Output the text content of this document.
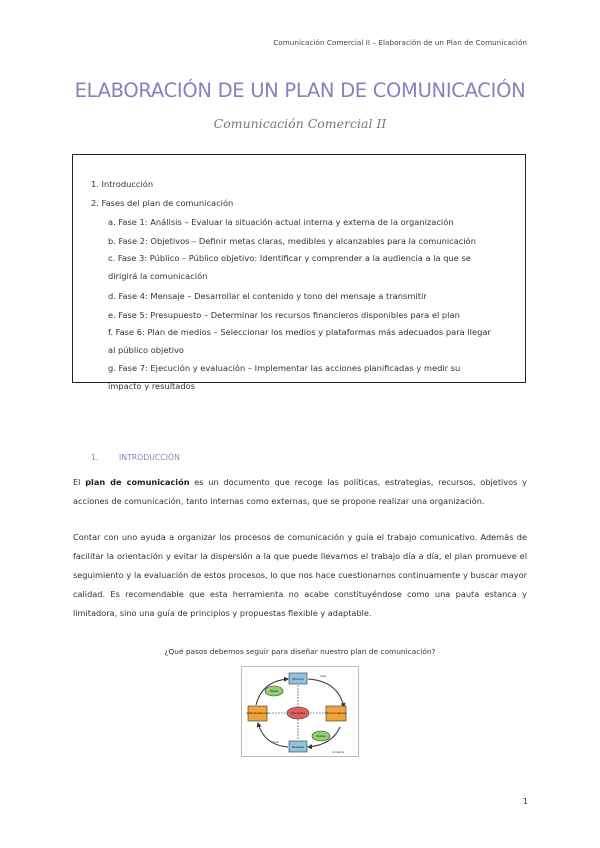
Comunicación Comercial II – Elaboración de un Plan de Comunicación
ELABORACIÓN DE UN PLAN DE COMUNICACIÓN
Comunicación Comercial II
1. Introducción
2. Fases del plan de comunicación
a. Fase 1: Análisis – Evaluar la situación actual interna y externa de la organización
b. Fase 2: Objetivos – Definir metas claras, medibles y alcanzables para la comunicación
c. Fase 3: Público – Público objetivo: Identificar y comprender a la audiencia a la que se dirigirá la comunicación
d. Fase 4: Mensaje – Desarrollar el contenido y tono del mensaje a transmitir
e. Fase 5: Presupuesto – Determinar los recursos financieros disponibles para el plan
f. Fase 6: Plan de medios – Seleccionar los medios y plataformas más adecuados para llegar al público objetivo
g. Fase 7: Ejecución y evaluación – Implementar las acciones planificadas y medir su impacto y resultados
1.	INTRODUCCIÓN
El plan de comunicación es un documento que recoge las políticas, estrategias, recursos, objetivos y acciones de comunicación, tanto internas como externas, que se propone realizar una organización.
Contar con uno ayuda a organizar los procesos de comunicación y guía el trabajo comunicativo. Además de facilitar la orientación y evitar la dispersión a la que puede llevarnos el trabajo día a día, el plan promueve el seguimiento y la evaluación de estos procesos, lo que nos hace cuestionarnos continuamente y buscar mayor calidad. Es recomendable que esta herramienta no acabe constituyéndose como una pauta estanca y limitadora, sino una guía de principios y propuestas flexible y adaptable.
¿Qué pasos debemos seguir para diseñar nuestro plan de comunicación?
Situación
Tareas
Actitudes Recursos	Intercambio	Informe Creencias
Pautas
Mensajes
Ideas
Canal
Contextos
1
